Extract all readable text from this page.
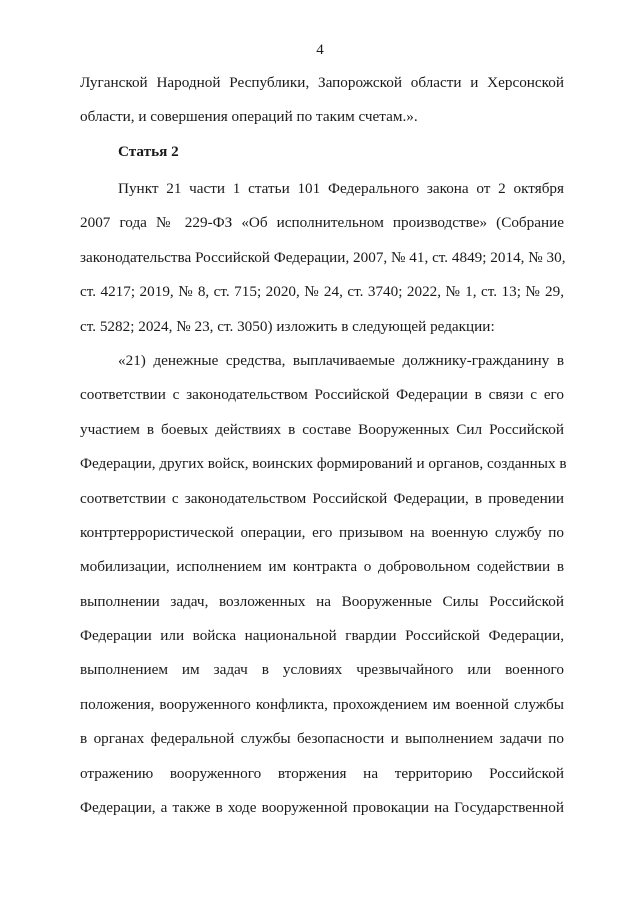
4
Луганской Народной Республики, Запорожской области и Херсонской
области, и совершения операций по таким счетам.».
Статья 2
Пункт 21 части 1 статьи 101 Федерального закона от 2 октября
2007 года № 229-ФЗ «Об исполнительном производстве» (Собрание
законодательства Российской Федерации, 2007, № 41, ст. 4849; 2014, № 30,
ст. 4217; 2019, № 8, ст. 715; 2020, № 24, ст. 3740; 2022, № 1, ст. 13; № 29,
ст. 5282; 2024, № 23, ст. 3050) изложить в следующей редакции:
«21) денежные средства, выплачиваемые должнику-гражданину в
соответствии с законодательством Российской Федерации в связи с его
участием в боевых действиях в составе Вооруженных Сил Российской
Федерации, других войск, воинских формирований и органов, созданных в
соответствии с законодательством Российской Федерации, в проведении
контртеррористической операции, его призывом на военную службу по
мобилизации, исполнением им контракта о добровольном содействии в
выполнении задач, возложенных на Вооруженные Силы Российской
Федерации или войска национальной гвардии Российской Федерации,
выполнением им задач в условиях чрезвычайного или военного
положения, вооруженного конфликта, прохождением им военной службы
в органах федеральной службы безопасности и выполнением задачи по
отражению вооруженного вторжения на территорию Российской
Федерации, а также в ходе вооруженной провокации на Государственной
